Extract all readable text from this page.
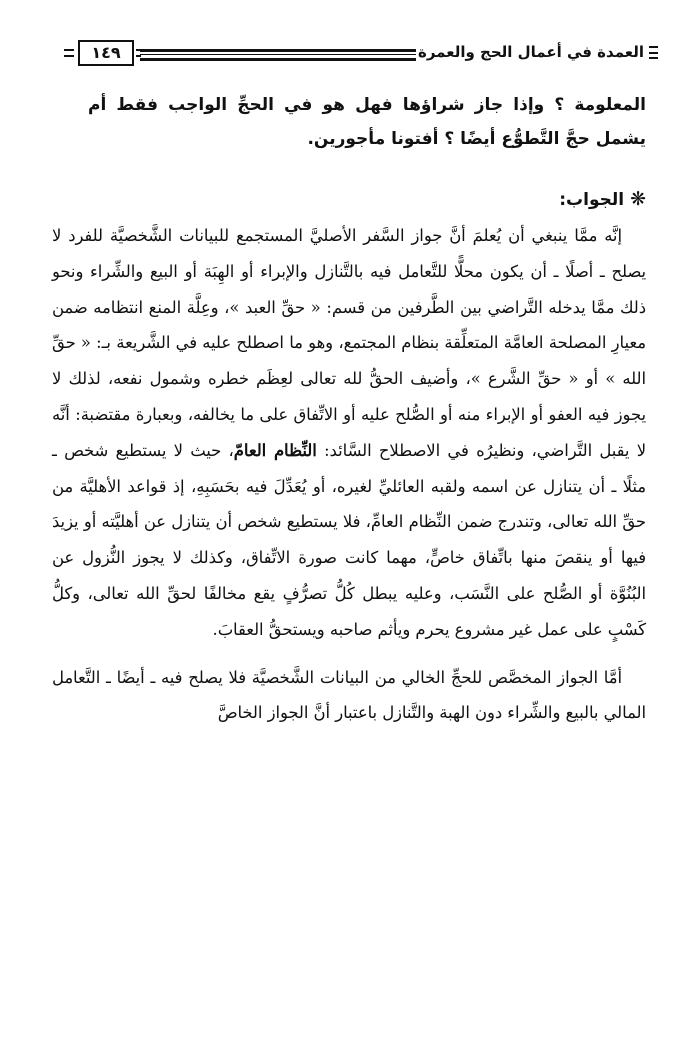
العمدة في أعمال الحج والعمرة
١٤٩
المعلومة ؟ وإذا جاز شراؤها فهل هو في الحجِّ الواجب فقط أم يشمل حجَّ التَّطوُّع أيضًا ؟ أفتونا مأجورين.
❋الجواب:

إنَّه ممَّا ينبغي أن يُعلمَ أنَّ جواز السَّفر الأصليَّ المستجمع للبيانات الشَّخصيَّة للفرد لا يصلح ـ أصلًا ـ أن يكون محلًّا للتَّعامل فيه بالتَّنازل والإبراء أو الهِبَة أو البيع والشِّراء ونحو ذلك ممَّا يدخله التَّراضي بين الطَّرفين من قسم: « حقِّ العبد »، وعِلَّة المنع انتظامه ضمن معيارِ المصلحة العامَّة المتعلِّقة بنظام المجتمع، وهو ما اصطلح عليه في الشَّريعة بـ: « حقِّ الله » أو « حقِّ الشَّرع »، وأضيف الحقُّ لله تعالى لعِظَم خطره وشمول نفعه، لذلك لا يجوز فيه العفو أو الإبراء منه أو الصُّلح عليه أو الاتِّفاق على ما يخالفه، وبعبارة مقتضبة: أنَّه لا يقبل التَّراضي، ونظيرُه في الاصطلاح السَّائد: النِّظام العامّ، حيث لا يستطيع شخص ـ مثلًا ـ أن يتنازل عن اسمه ولقبه العائليِّ لغيره، أو يُعَدِّلَ فيه بحَسَبِهِ، إذ قواعد الأهليَّة من حقِّ الله تعالى، وتندرج ضمن النِّظام العامِّ، فلا يستطيع شخص أن يتنازل عن أهليَّته أو يزيدَ فيها أو ينقصَ منها باتِّفاق خاصٍّ، مهما كانت صورة الاتِّفاق، وكذلك لا يجوز النُّزول عن البُنُوَّة أو الصُّلح على النَّسَب، وعليه يبطل كُلُّ تصرُّفٍ يقع مخالفًا لحقِّ الله تعالى، وكلُّ كَسْبٍ على عمل غير مشروع يحرم ويأثم صاحبه ويستحقُّ العقابَ.

أمَّا الجواز المخصَّص للحجِّ الخالي من البيانات الشَّخصيَّة فلا يصلح فيه ـ أيضًا ـ التَّعامل المالي بالبيع والشِّراء دون الهبة والتَّنازل باعتبار أنَّ الجواز الخاصَّ
